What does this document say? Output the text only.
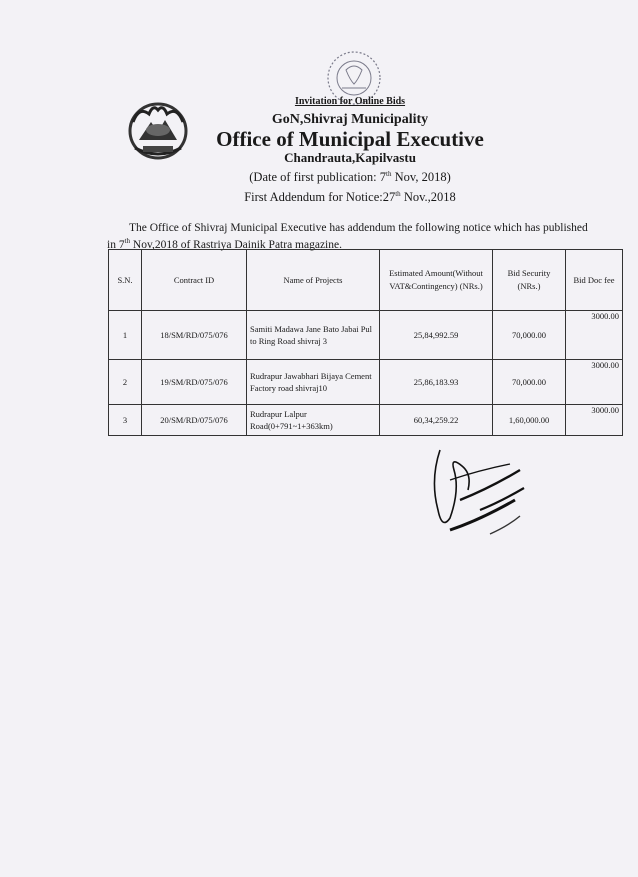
Invitation for Online Bids
GoN,Shivraj Municipality
Office of Municipal Executive
Chandrauta,Kapilvastu
(Date of first publication: 7th Nov, 2018)
First Addendum for Notice:27th Nov.,2018
The Office of Shivraj Municipal Executive has addendum the following notice which has published
in 7th Nov,2018 of Rastriya Dainik Patra magazine.
S.N.	Contract ID	Name of Projects	Estimated Amount(Without VAT&Contingency) (NRs.)	Bid Security (NRs.)	Bid Doc fee
1	18/SM/RD/075/076	Samiti Madawa Jane Bato Jabai Pul to Ring Road shivraj 3	25,84,992.59	70,000.00	3000.00
2	19/SM/RD/075/076	Rudrapur Jawabhari Bijaya Cement Factory road shivraj10	25,86,183.93	70,000.00	3000.00
3	20/SM/RD/075/076	Rudrapur Lalpur Road(0+791~1+363km)	60,34,259.22	1,60,000.00	3000.00
